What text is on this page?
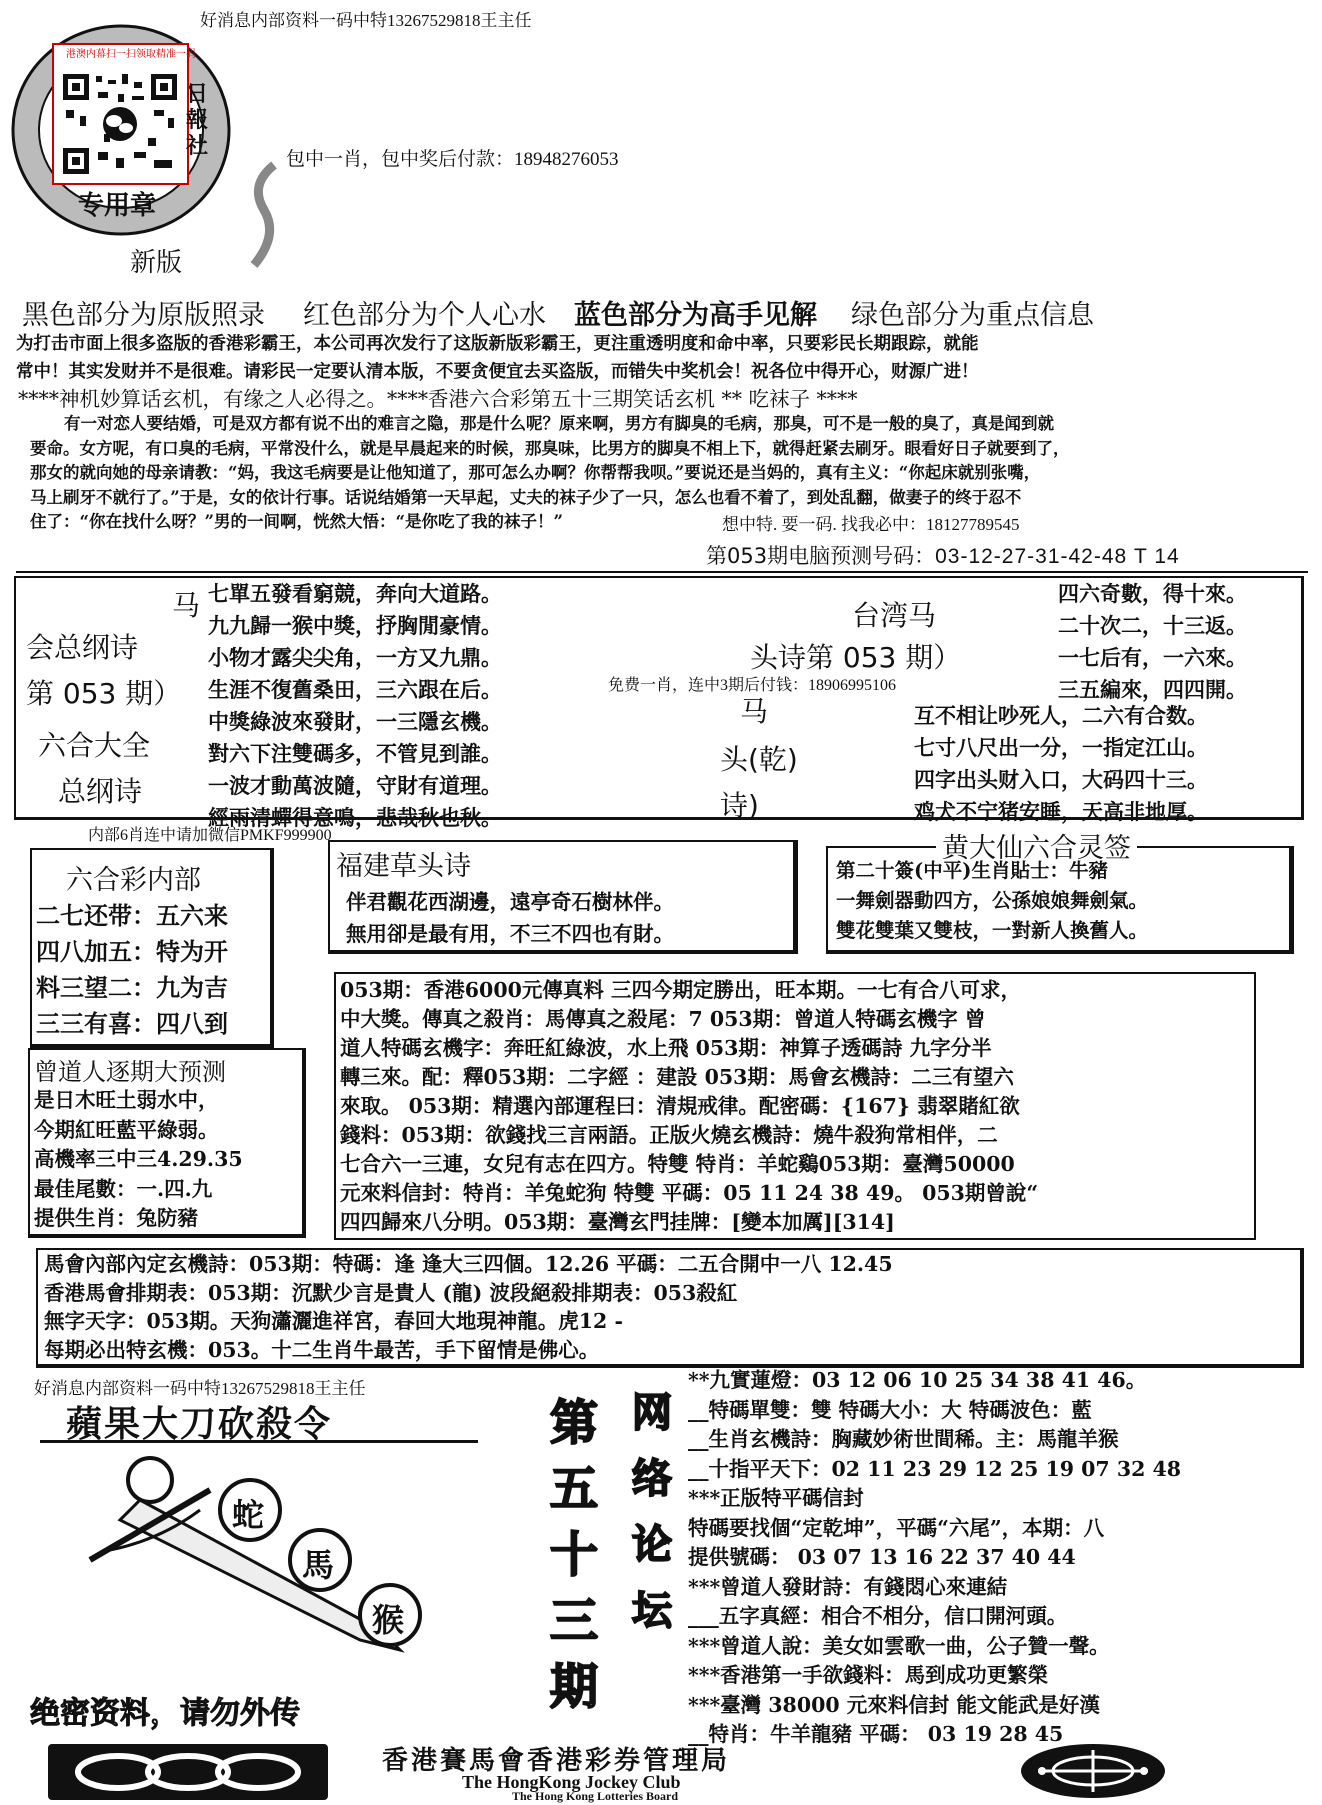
好消息内部资料一码中特13267529818王主任
港澳内幕扫一扫领取精准一码
日報社
专用章
新版
包中一肖，包中奖后付款：18948276053
黑色部分为原版照录 红色部分为个人心水 蓝色部分为高手见解 绿色部分为重点信息
为打击市面上很多盗版的香港彩霸王，本公司再次发行了这版新版彩霸王，更注重透明度和命中率，只要彩民长期跟踪，就能
常中！其实发财并不是很难。请彩民一定要认清本版，不要贪便宜去买盗版，而错失中奖机会！祝各位中得开心，财源广进！
****神机妙算话玄机，有缘之人必得之。****香港六合彩第五十三期笑话玄机 ** 吃袜子 ****
有一对恋人要结婚，可是双方都有说不出的难言之隐，那是什么呢？原来啊，男方有脚臭的毛病，那臭，可不是一般的臭了，真是闻到就
要命。女方呢，有口臭的毛病，平常没什么，就是早晨起来的时候，那臭味，比男方的脚臭不相上下，就得赶紧去刷牙。眼看好日子就要到了，
那女的就向她的母亲请教：“妈，我这毛病要是让他知道了，那可怎么办啊？你帮帮我呗。”要说还是当妈的，真有主义：“你起床就别张嘴，
马上刷牙不就行了。”于是，女的依计行事。话说结婚第一天早起，丈夫的袜子少了一只，怎么也看不着了，到处乱翻，做妻子的终于忍不
住了：“你在找什么呀？”男的一间啊，恍然大悟：“是你吃了我的袜子！”	想中特. 要一码. 找我必中：18127789545
第053期电脑预测号码：03-12-27-31-42-48 T 14
马
会总纲诗
第 053 期）
六合大全
总纲诗
七單五發看窮競，奔向大道路。
九九歸一猴中獎，抒胸閒豪情。
小物才露尖尖角，一方又九鼎。
生涯不復舊桑田，三六跟在后。
中獎綠波來發財，一三隱玄機。
對六下注雙碼多，不管見到誰。
一波才動萬波隨，守財有道理。
經雨清蟬得意鳴，悲哉秋也秋。
免费一肖，连中3期后付钱：18906995106
台湾马
头诗第 053 期）
马
头(乾)
诗)
四六奇數，得十來。
二十次二，十三返。
一七后有，一六來。
三五編來，四四開。
互不相让吵死人，二六有合数。
七寸八尺出一分，一指定江山。
四字出头财入口，大码四十三。
鸡犬不宁猪安睡，天高非地厚。
内部6肖连中请加微信PMKF999900
六合彩内部
二七还带：五六来
四八加五：特为开
料三望二：九为吉
三三有喜：四八到
福建草头诗
伴君觀花西湖邊，遠亭奇石樹林伴。
無用卻是最有用，不三不四也有財。
黄大仙六合灵签
第二十簽(中平)生肖貼士：牛豬
一舞劍器動四方，公孫娘娘舞劍氣。
雙花雙葉又雙枝，一對新人換舊人。
053期：香港6000元傳真料 三四今期定勝出，旺本期。一七有合八可求，
中大獎。傳真之殺肖：馬傳真之殺尾：7 053期：曾道人特碼玄機字 曾
道人特碼玄機字：奔旺紅綠波，水上飛 053期：神算子透碼詩 九字分半
轉三來。配：釋053期：二字經 ：建設 053期：馬會玄機詩：二三有望六
來取。 053期：精選內部運程曰：清規戒律。配密碼：{167} 翡翠賭紅欲
錢料：053期：欲錢找三言兩語。正版火燒玄機詩：燒牛殺狗常相伴，二
七合六一三連，女兒有志在四方。特雙 特肖：羊蛇鷄053期：臺灣50000
元來料信封：特肖：羊兔蛇狗 特雙 平碼：05 11 24 38 49。 053期曾說“
四四歸來八分明。053期：臺灣玄門挂牌：[變本加厲][314]
曾道人逐期大预测
是日木旺土弱水中，
今期紅旺藍平綠弱。
高機率三中三4.29.35
最佳尾數：一.四.九
提供生肖：兔防豬
馬會內部內定玄機詩：053期：特碼：逢 逢大三四個。12.26 平碼：二五合開中一八 12.45
香港馬會排期表：053期：沉默少言是貴人 (龍) 波段絕殺排期表：053殺紅
無字天字：053期。天狗瀟灑進祥宮，春回大地現神龍。虎12 -
每期必出特玄機：053。十二生肖牛最苦，手下留情是佛心。
好消息内部资料一码中特13267529818王主任
蘋果大刀砍殺令
蛇
馬
猴
绝密资料，请勿外传
第
五
十
三
期
网
络
论
坛
**九實蓮燈：03 12 06 10 25 34 38 41 46。
__特碼單雙：雙 特碼大小：大 特碼波色：藍
__生肖玄機詩：胸藏妙術世間稀。主：馬龍羊猴
__十指平天下：02 11 23 29 12 25 19 07 32 48
***正版特平碼信封
特碼要找個“定乾坤”，平碼“六尾”，本期：八
提供號碼： 03 07 13 16 22 37 40 44
***曾道人發財詩：有錢悶心來連結
___五字真經：相合不相分，信口開河頭。
***曾道人說：美女如雲歌一曲，公子贊一聲。
***香港第一手欲錢料：馬到成功更繁榮
***臺灣 38000 元來料信封 能文能武是好漢
__特肖：牛羊龍豬 平碼： 03 19 28 45
香港賽馬會香港彩券管理局
The HongKong Jockey Club
The Hong Kong Lotteries Board
